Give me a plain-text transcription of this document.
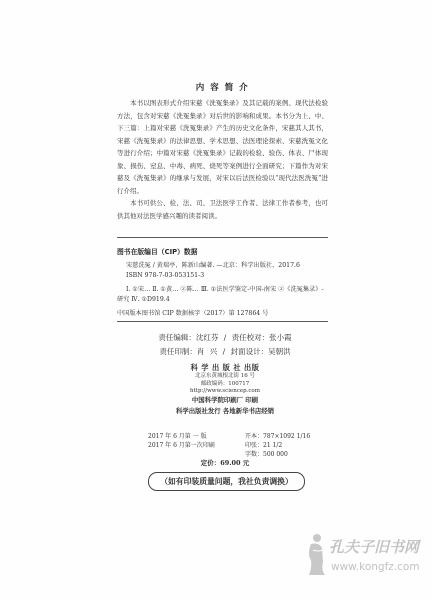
内 容 简 介

本书以图表形式介绍宋慈《洗冤集录》及其记载的案例、现代法检验方法，包含对宋慈《洗冤集录》对后世的影响和成果。本书分为上、中、下三篇：上篇对宋慈《洗冤集录》产生的历史文化条件，宋慈其人其书，宋慈《洗冤集录》的法律思想、学术思想、法医理论探索、宋慈洗冤文化等进行介绍；中篇对宋慈《洗冤集录》记载的检验、验伤、体表、尸体现象、损伤、窒息、中毒、病死、烧死等案例进行全面研究；下篇作为对宋慈及《洗冤集录》的继承与发展，对宋以后法医检验以“现代法医洗冤”进行介绍。

本书可供公、检、法、司、卫法医学工作者、法律工作者参考，也可供其他对法医学感兴趣的读者阅读。

图书在版编目（CIP）数据
宋慈洗冤 / 黄瑞亭，陈新山编著. —北京：科学出版社，2017.6
ISBN 978-7-03-053151-3
Ⅰ. ①宋… Ⅱ. ①黄… ②陈… Ⅲ. ①法医学鉴定-中国-南宋 ②《洗冤集录》-研究 Ⅳ. ①D919.4
中国版本图书馆 CIP 数据核字（2017）第 127864 号
责任编辑：沈红芬 / 责任校对：张小霞
责任印制：肖 兴 / 封面设计：吴朝洪
科 学 出 版 社 出版
北京东黄城根北街 16 号
邮政编码：100717
http://www.sciencep.com
中国科学院印刷厂 印刷
科学出版社发行 各地新华书店经销
2017 年 6 月第 一 版	开本：787×1092 1/16
2017 年 6 月第一次印刷	印张：21 1/2
字数：500 000
定价：69.00 元
（如有印装质量问题，我社负责调换）
孔夫子旧书网
www.kongfz.com
